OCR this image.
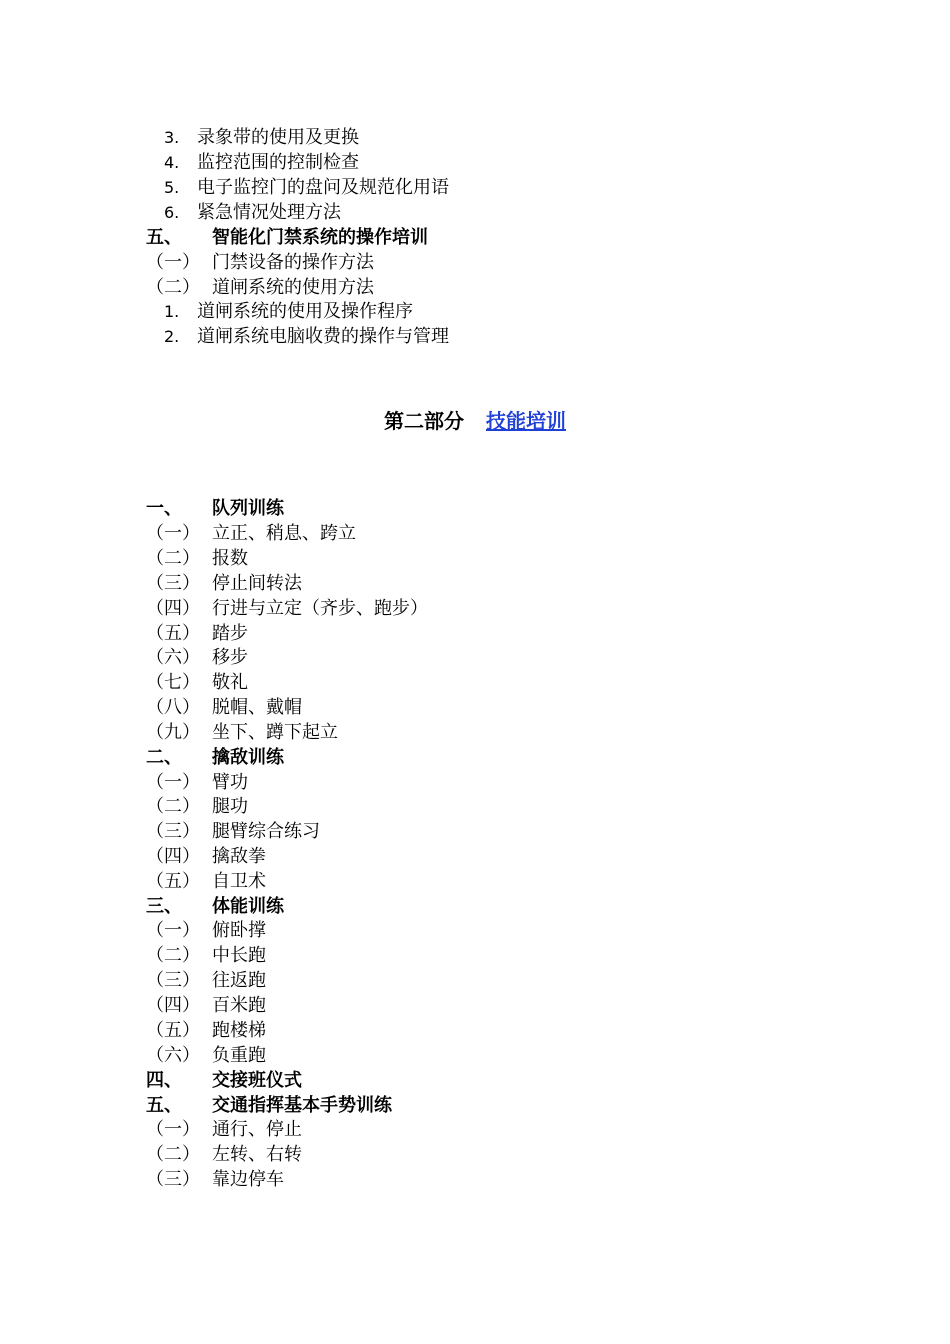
3. 录象带的使用及更换
4. 监控范围的控制检查
5. 电子监控门的盘问及规范化用语
6. 紧急情况处理方法
五、	智能化门禁系统的操作培训
（一） 门禁设备的操作方法
（二） 道闸系统的使用方法
1. 道闸系统的使用及操作程序
2. 道闸系统电脑收费的操作与管理
第二部分 技能培训
一、	队列训练
（一） 立正、稍息、跨立
（二） 报数
（三） 停止间转法
（四） 行进与立定（齐步、跑步）
（五） 踏步
（六） 移步
（七） 敬礼
（八） 脱帽、戴帽
（九） 坐下、蹲下起立
二、	擒敌训练
（一） 臂功
（二） 腿功
（三） 腿臂综合练习
（四） 擒敌拳
（五） 自卫术
三、	体能训练
（一） 俯卧撑
（二） 中长跑
（三） 往返跑
（四） 百米跑
（五） 跑楼梯
（六） 负重跑
四、	交接班仪式
五、	交通指挥基本手势训练
（一） 通行、停止
（二） 左转、右转
（三） 靠边停车
